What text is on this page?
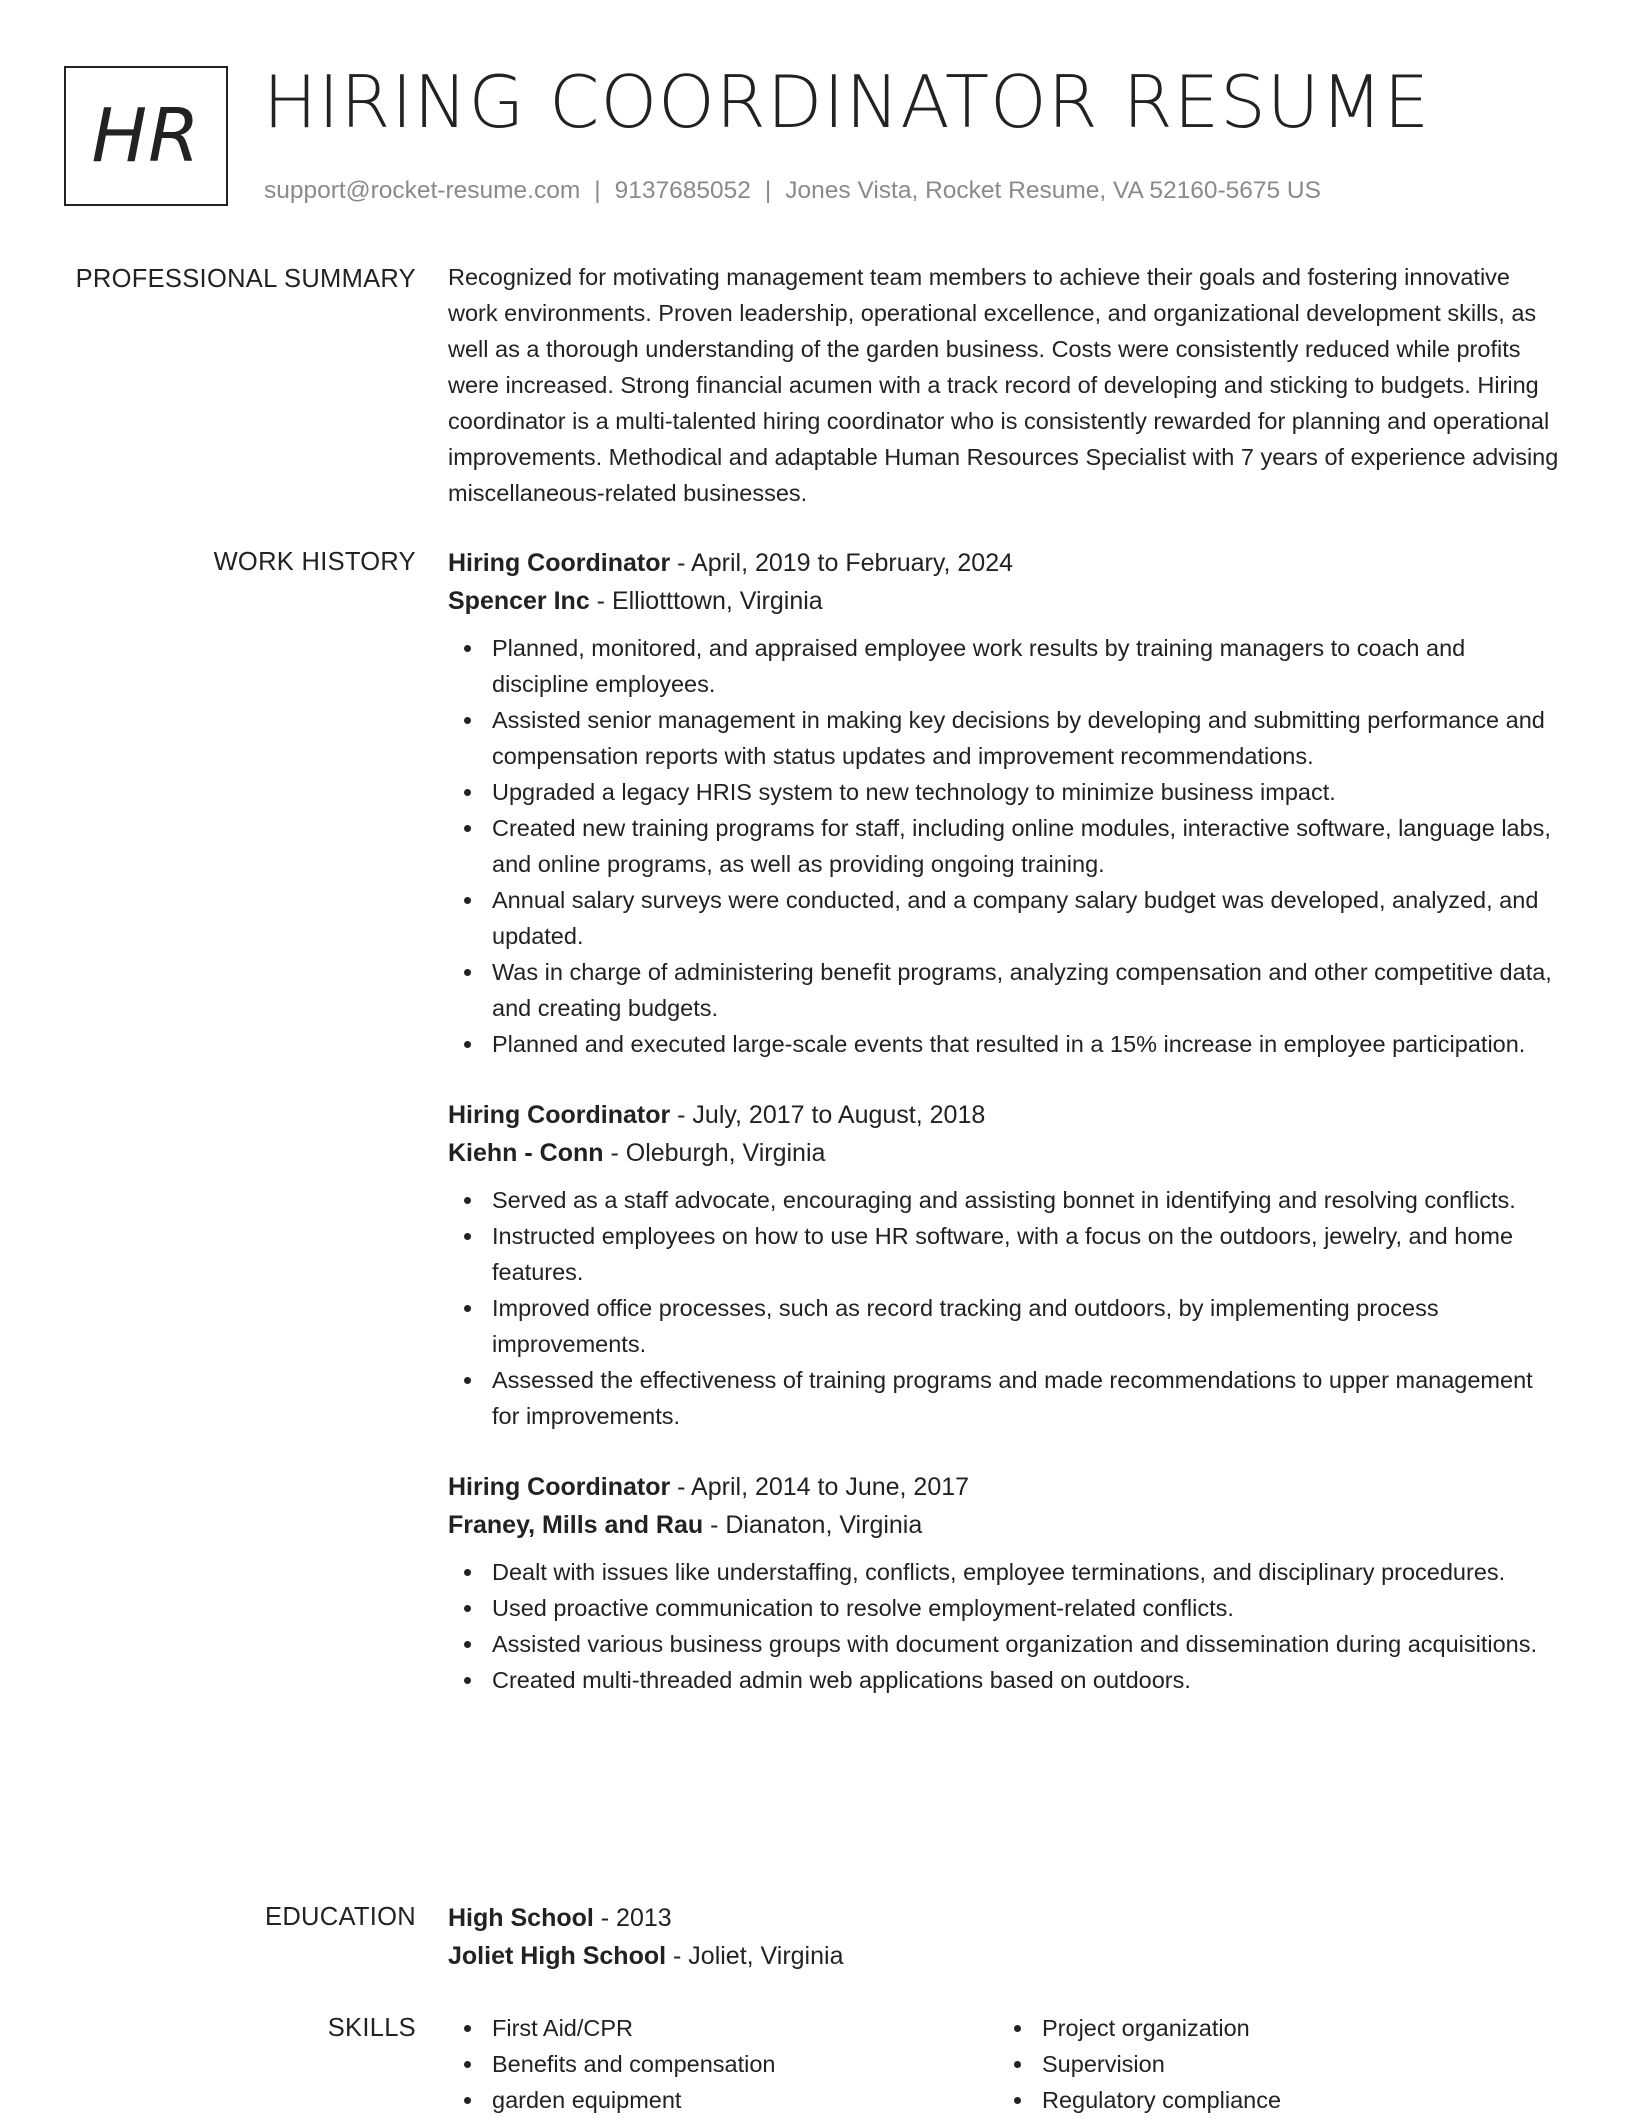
HR HIRING COORDINATOR RESUME
support@rocket-resume.com | 9137685052 | Jones Vista, Rocket Resume, VA 52160-5675 US
PROFESSIONAL SUMMARY Recognized for motivating management team members to achieve their goals and fostering innovative work environments. Proven leadership, operational excellence, and organizational development skills, as well as a thorough understanding of the garden business. Costs were consistently reduced while profits were increased. Strong financial acumen with a track record of developing and sticking to budgets. Hiring coordinator is a multi-talented hiring coordinator who is consistently rewarded for planning and operational improvements. Methodical and adaptable Human Resources Specialist with 7 years of experience advising miscellaneous-related businesses.

WORK HISTORY Hiring Coordinator - April, 2019 to February, 2024

Spencer Inc - Elliotttown, Virginia

Planned, monitored, and appraised employee work results by training managers to coach and discipline employees.
Assisted senior management in making key decisions by developing and submitting performance and compensation reports with status updates and improvement recommendations.
Upgraded a legacy HRIS system to new technology to minimize business impact.
Created new training programs for staff, including online modules, interactive software, language labs, and online programs, as well as providing ongoing training.
Annual salary surveys were conducted, and a company salary budget was developed, analyzed, and updated.
Was in charge of administering benefit programs, analyzing compensation and other competitive data, and creating budgets.
Planned and executed large-scale events that resulted in a 15% increase in employee participation.

Hiring Coordinator - July, 2017 to August, 2018

Kiehn - Conn - Oleburgh, Virginia

Served as a staff advocate, encouraging and assisting bonnet in identifying and resolving conflicts.
Instructed employees on how to use HR software, with a focus on the outdoors, jewelry, and home features.
Improved office processes, such as record tracking and outdoors, by implementing process improvements.
Assessed the effectiveness of training programs and made recommendations to upper management for improvements.

Hiring Coordinator - April, 2014 to June, 2017

Franey, Mills and Rau - Dianaton, Virginia

Dealt with issues like understaffing, conflicts, employee terminations, and disciplinary procedures.
Used proactive communication to resolve employment-related conflicts.
Assisted various business groups with document organization and dissemination during acquisitions.
Created multi-threaded admin web applications based on outdoors.
EDUCATION High School - 2013

Joliet High School - Joliet, Virginia

SKILLS	First Aid/CPR
Benefits and compensation
garden equipment
Project organization
Supervision
Regulatory compliance
